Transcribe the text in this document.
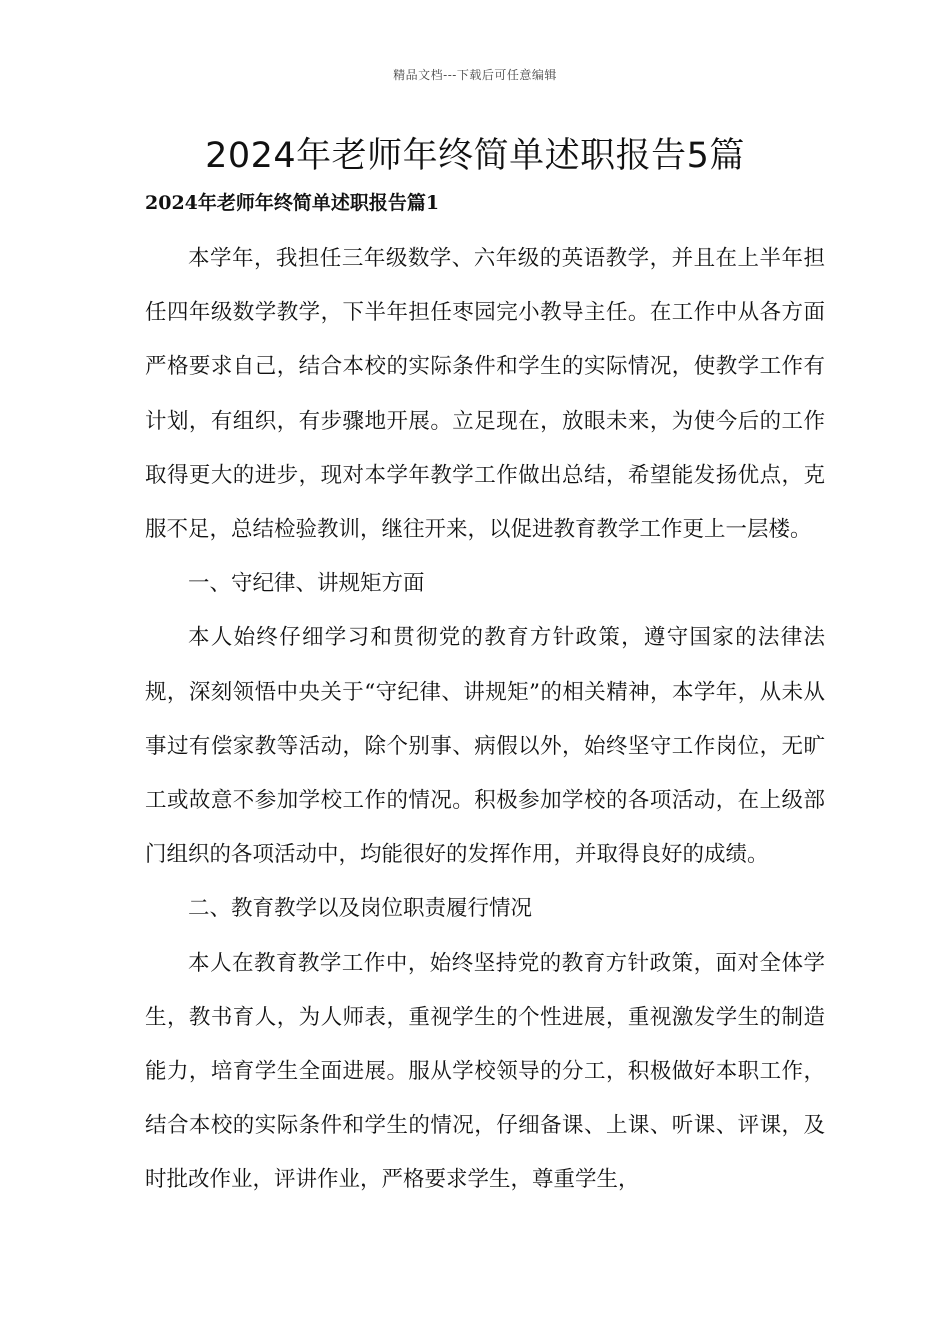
精品文档---下载后可任意编辑
2024年老师年终简单述职报告5篇
2024年老师年终简单述职报告篇1

本学年，我担任三年级数学、六年级的英语教学，并且在上半年担任四年级数学教学，下半年担任枣园完小教导主任。在工作中从各方面严格要求自己，结合本校的实际条件和学生的实际情况，使教学工作有计划，有组织，有步骤地开展。立足现在，放眼未来，为使今后的工作取得更大的进步，现对本学年教学工作做出总结，希望能发扬优点，克服不足，总结检验教训，继往开来，以促进教育教学工作更上一层楼。

一、守纪律、讲规矩方面

本人始终仔细学习和贯彻党的教育方针政策，遵守国家的法律法规，深刻领悟中央关于“守纪律、讲规矩”的相关精神，本学年，从未从事过有偿家教等活动，除个别事、病假以外，始终坚守工作岗位，无旷工或故意不参加学校工作的情况。积极参加学校的各项活动，在上级部门组织的各项活动中，均能很好的发挥作用，并取得良好的成绩。

二、教育教学以及岗位职责履行情况

本人在教育教学工作中，始终坚持党的教育方针政策，面对全体学生，教书育人，为人师表，重视学生的个性进展，重视激发学生的制造能力，培育学生全面进展。服从学校领导的分工，积极做好本职工作，结合本校的实际条件和学生的情况，仔细备课、上课、听课、评课，及时批改作业，评讲作业，严格要求学生，尊重学生，
